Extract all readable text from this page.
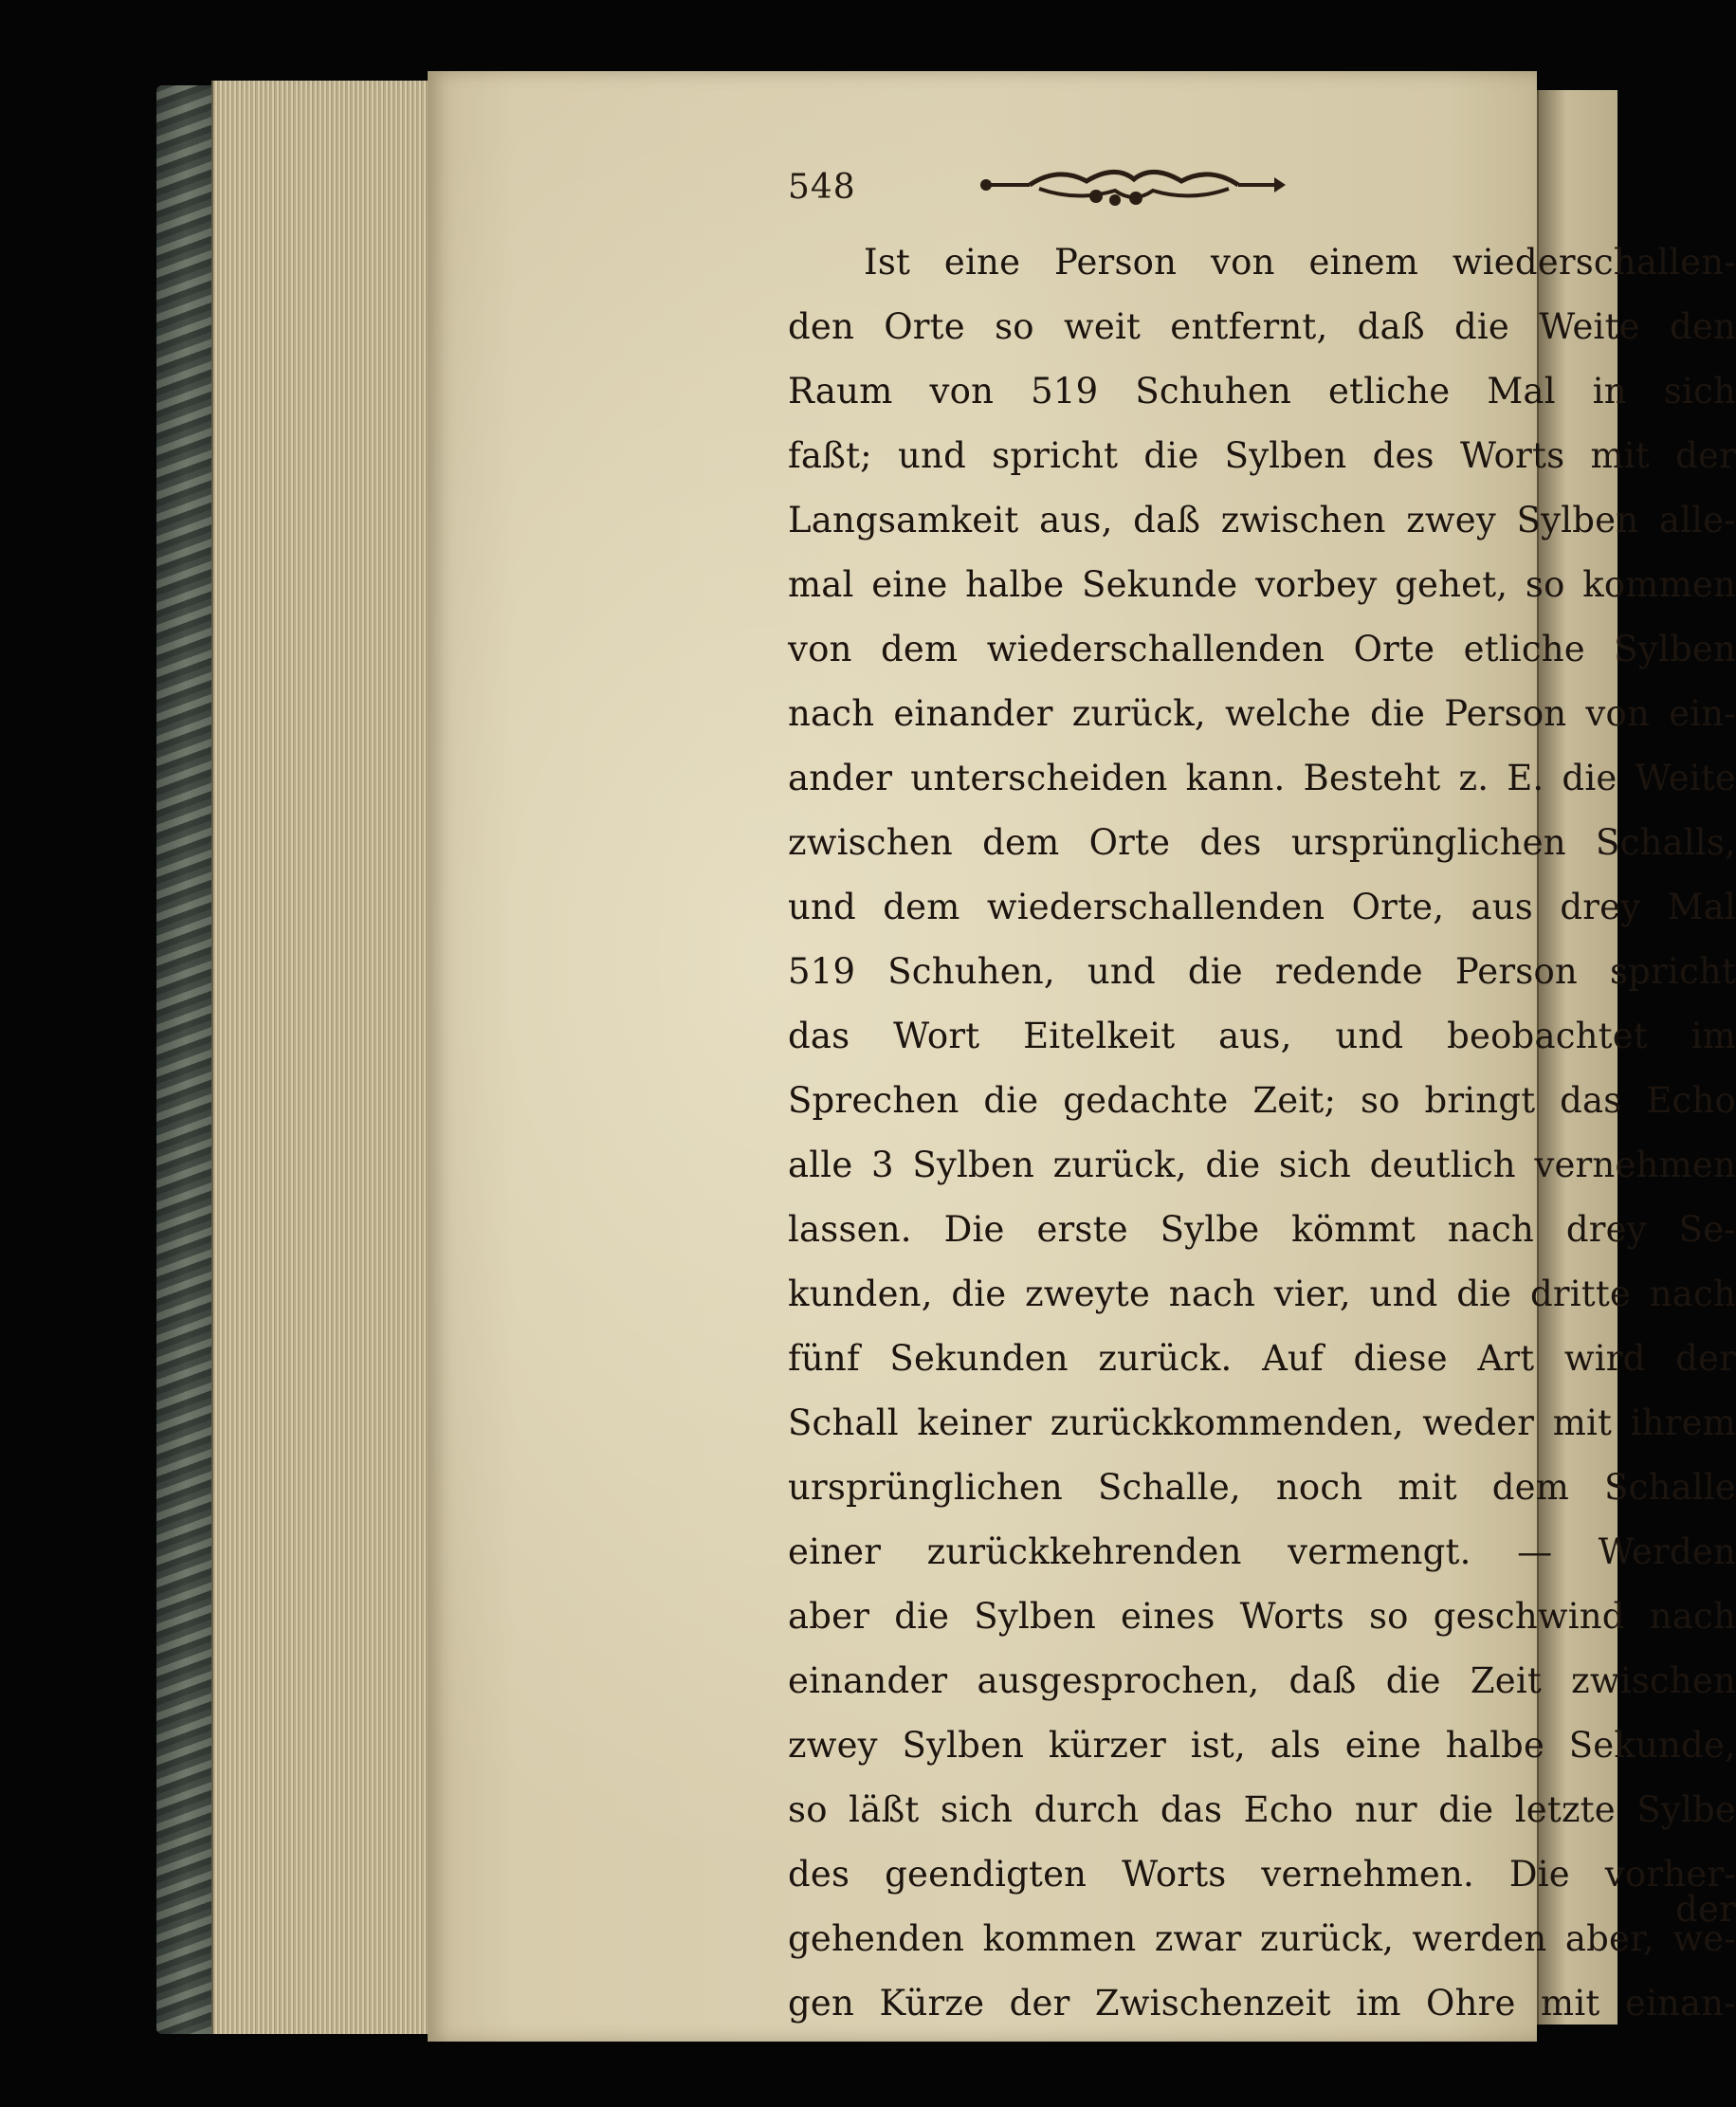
548
Ist eine Person von einem wiederschallen-
den Orte so weit entfernt, daß die Weite den
Raum von 519 Schuhen etliche Mal in sich
faßt; und spricht die Sylben des Worts mit der
Langsamkeit aus, daß zwischen zwey Sylben alle-
mal eine halbe Sekunde vorbey gehet, so kommen
von dem wiederschallenden Orte etliche Sylben
nach einander zurück, welche die Person von ein-
ander unterscheiden kann. Besteht z. E. die Weite
zwischen dem Orte des ursprünglichen Schalls,
und dem wiederschallenden Orte, aus drey Mal
519 Schuhen, und die redende Person spricht
das Wort Eitelkeit aus, und beobachtet im
Sprechen die gedachte Zeit; so bringt das Echo
alle 3 Sylben zurück, die sich deutlich vernehmen
lassen. Die erste Sylbe kömmt nach drey Se-
kunden, die zweyte nach vier, und die dritte nach
fünf Sekunden zurück. Auf diese Art wird der
Schall keiner zurückkommenden, weder mit ihrem
ursprünglichen Schalle, noch mit dem Schalle
einer zurückkehrenden vermengt. — Werden
aber die Sylben eines Worts so geschwind nach
einander ausgesprochen, daß die Zeit zwischen
zwey Sylben kürzer ist, als eine halbe Sekunde,
so läßt sich durch das Echo nur die letzte Sylbe
des geendigten Worts vernehmen. Die vorher-
gehenden kommen zwar zurück, werden aber, we-
gen Kürze der Zwischenzeit im Ohre mit einan-
der
